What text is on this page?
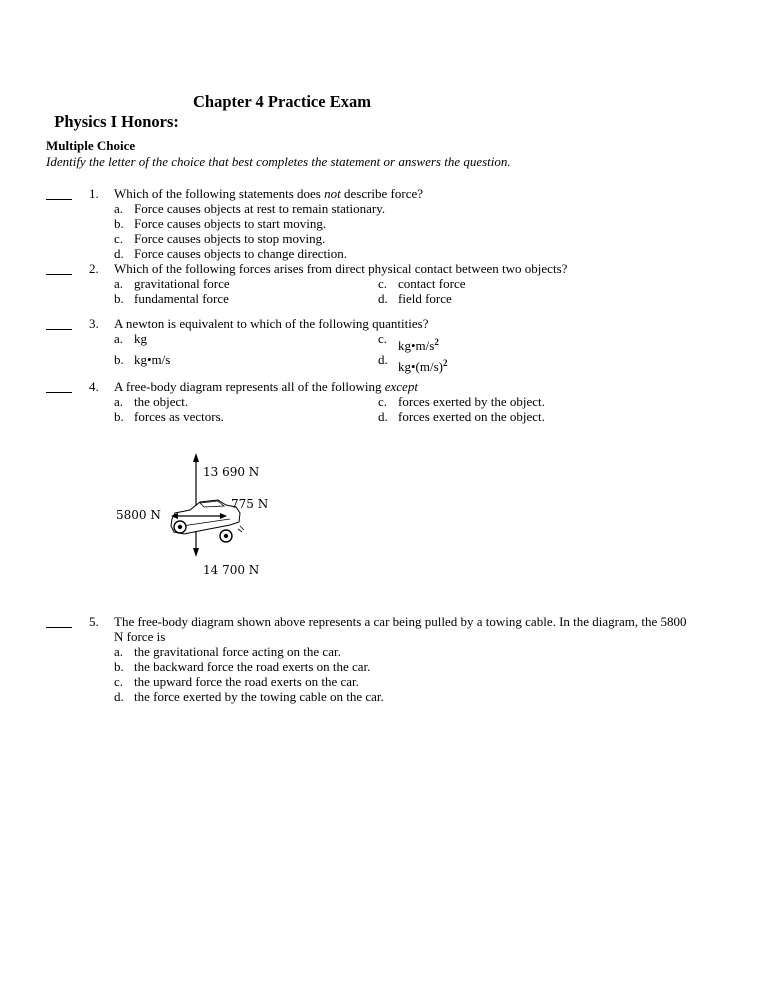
Physics I Honors:

Chapter 4 Practice Exam

Multiple Choice
Identify the letter of the choice that best completes the statement or answers the question.
1. Which of the following statements does not describe force?
a. Force causes objects at rest to remain stationary.
b. Force causes objects to start moving.
c. Force causes objects to stop moving.
d. Force causes objects to change direction.
2. Which of the following forces arises from direct physical contact between two objects?
a. gravitational force	c. contact force
b. fundamental force	d. field force
3. A newton is equivalent to which of the following quantities?
a. kg	c. $kg•m/s^2$
b. kg•m/s	d. $kg•(m/s)^2$
4. A free-body diagram represents all of the following except
a. the object.	c. forces exerted by the object.
b. forces as vectors.	d. forces exerted on the object.
13 690 N
14 700 N
5800 N
775 N
5. The free-body diagram shown above represents a car being pulled by a towing cable. In the diagram, the 5800
N force is
a. the gravitational force acting on the car.
b. the backward force the road exerts on the car.
c. the upward force the road exerts on the car.
d. the force exerted by the towing cable on the car.
